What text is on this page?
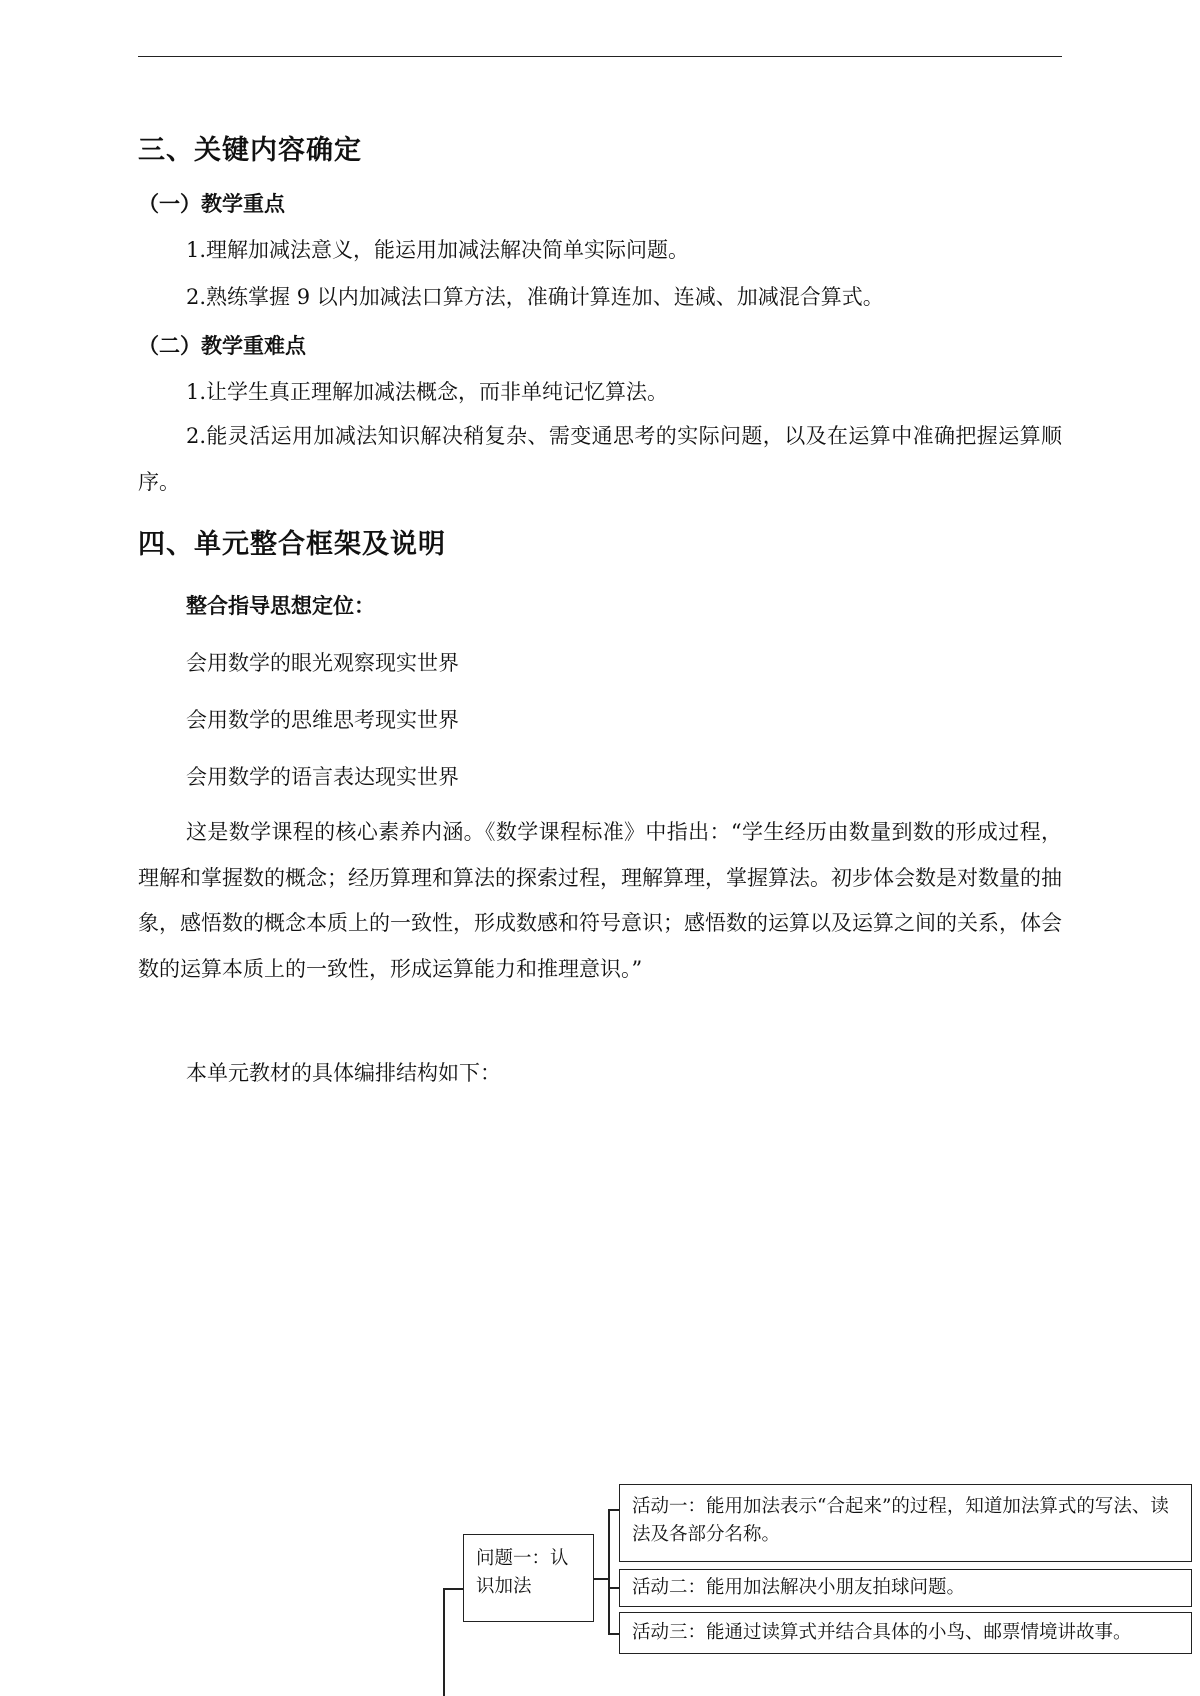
三、关键内容确定
（一）教学重点
1.理解加减法意义，能运用加减法解决简单实际问题。
2.熟练掌握 9 以内加减法口算方法，准确计算连加、连减、加减混合算式。
（二）教学重难点
1.让学生真正理解加减法概念，而非单纯记忆算法。
2.能灵活运用加减法知识解决稍复杂、需变通思考的实际问题，以及在运算中准确把握运算顺序。
四、单元整合框架及说明
整合指导思想定位：
会用数学的眼光观察现实世界
会用数学的思维思考现实世界
会用数学的语言表达现实世界
这是数学课程的核心素养内涵。《数学课程标准》中指出：“学生经历由数量到数的形成过程，理解和掌握数的概念；经历算理和算法的探索过程，理解算理，掌握算法。初步体会数是对数量的抽象，感悟数的概念本质上的一致性，形成数感和符号意识；感悟数的运算以及运算之间的关系，体会数的运算本质上的一致性，形成运算能力和推理意识。”
本单元教材的具体编排结构如下：
问题一：认识加法
活动一：能用加法表示“合起来”的过程，知道加法算式的写法、读法及各部分名称。
活动二：能用加法解决小朋友拍球问题。
活动三：能通过读算式并结合具体的小鸟、邮票情境讲故事。
